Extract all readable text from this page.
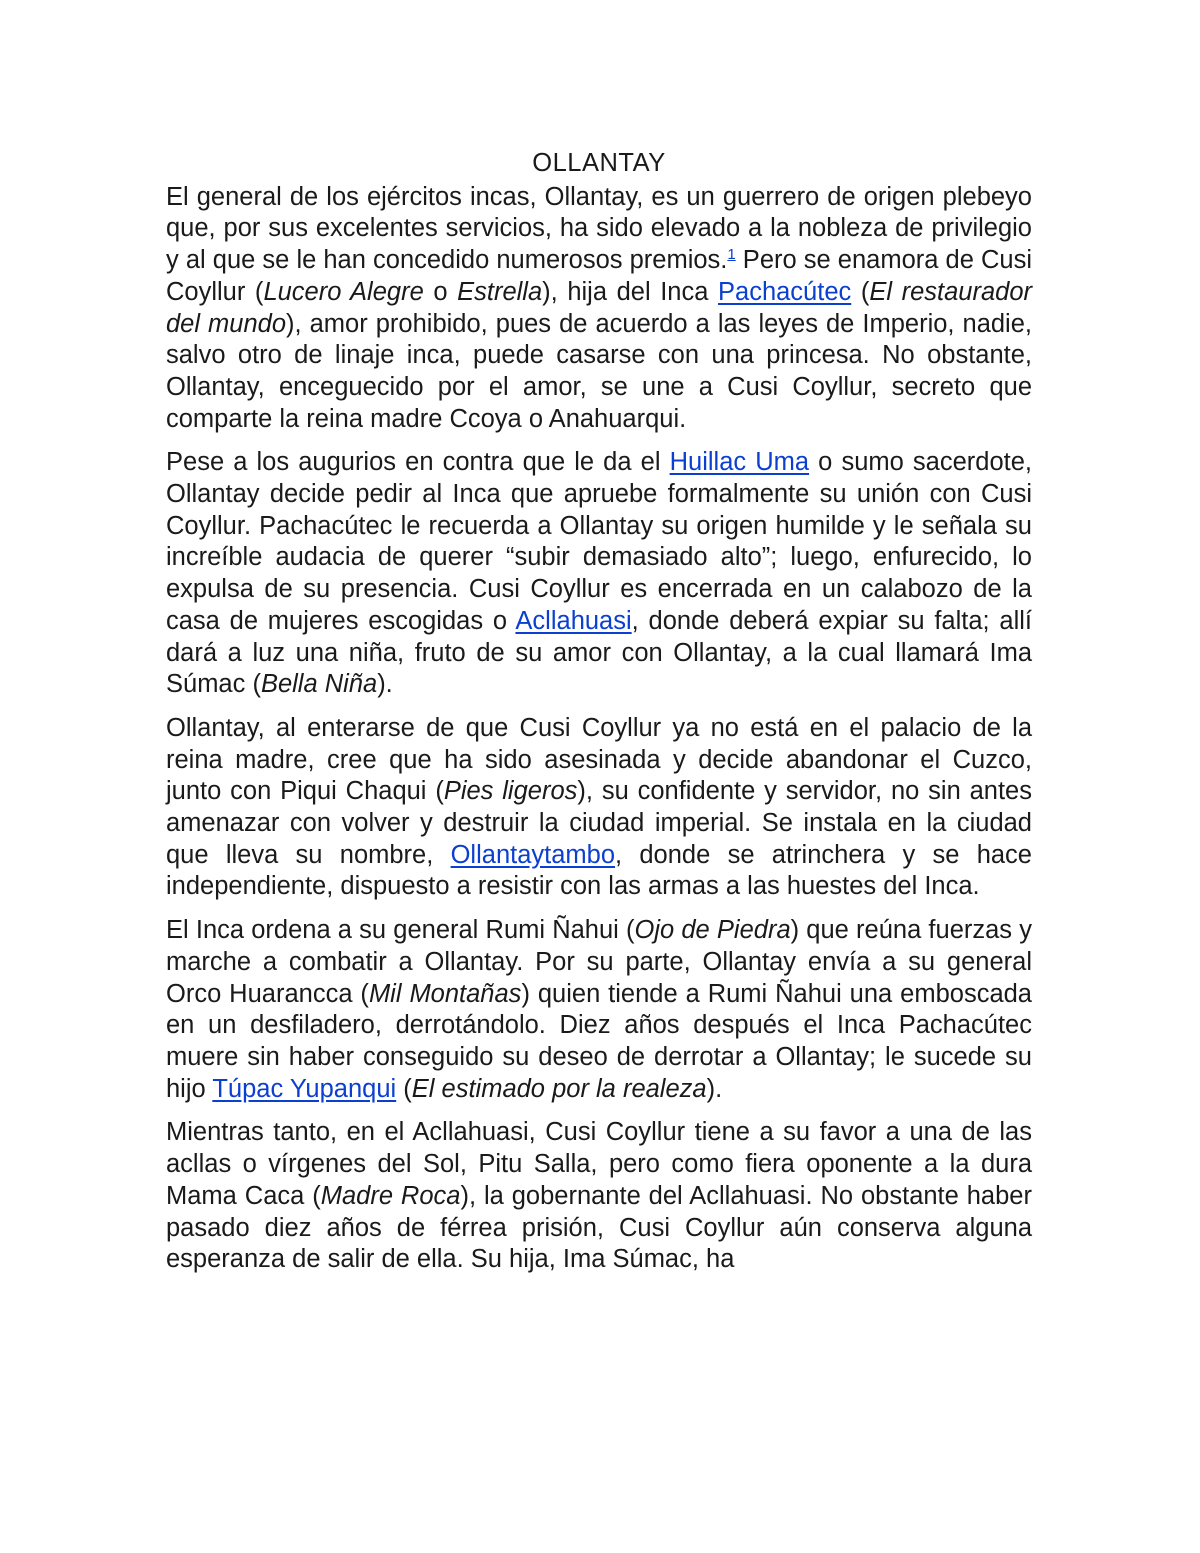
OLLANTAY

El general de los ejércitos incas, Ollantay, es un guerrero de origen plebeyo que, por sus excelentes servicios, ha sido elevado a la nobleza de privilegio y al que se le han concedido numerosos premios.$^1$ Pero se enamora de Cusi Coyllur (Lucero Alegre o Estrella), hija del Inca Pachacútec (El restaurador del mundo), amor prohibido, pues de acuerdo a las leyes de Imperio, nadie, salvo otro de linaje inca, puede casarse con una princesa. No obstante, Ollantay, enceguecido por el amor, se une a Cusi Coyllur, secreto que comparte la reina madre Ccoya o Anahuarqui.

Pese a los augurios en contra que le da el Huillac Uma o sumo sacerdote, Ollantay decide pedir al Inca que apruebe formalmente su unión con Cusi Coyllur. Pachacútec le recuerda a Ollantay su origen humilde y le señala su increíble audacia de querer “subir demasiado alto”; luego, enfurecido, lo expulsa de su presencia. Cusi Coyllur es encerrada en un calabozo de la casa de mujeres escogidas o Acllahuasi, donde deberá expiar su falta; allí dará a luz una niña, fruto de su amor con Ollantay, a la cual llamará Ima Súmac (Bella Niña).

Ollantay, al enterarse de que Cusi Coyllur ya no está en el palacio de la reina madre, cree que ha sido asesinada y decide abandonar el Cuzco, junto con Piqui Chaqui (Pies ligeros), su confidente y servidor, no sin antes amenazar con volver y destruir la ciudad imperial. Se instala en la ciudad que lleva su nombre, Ollantaytambo, donde se atrinchera y se hace independiente, dispuesto a resistir con las armas a las huestes del Inca.

El Inca ordena a su general Rumi Ñahui (Ojo de Piedra) que reúna fuerzas y marche a combatir a Ollantay. Por su parte, Ollantay envía a su general Orco Huarancca (Mil Montañas) quien tiende a Rumi Ñahui una emboscada en un desfiladero, derrotándolo. Diez años después el Inca Pachacútec muere sin haber conseguido su deseo de derrotar a Ollantay; le sucede su hijo Túpac Yupanqui (El estimado por la realeza).

Mientras tanto, en el Acllahuasi, Cusi Coyllur tiene a su favor a una de las acllas o vírgenes del Sol, Pitu Salla, pero como fiera oponente a la dura Mama Caca (Madre Roca), la gobernante del Acllahuasi. No obstante haber pasado diez años de férrea prisión, Cusi Coyllur aún conserva alguna esperanza de salir de ella. Su hija, Ima Súmac, ha
